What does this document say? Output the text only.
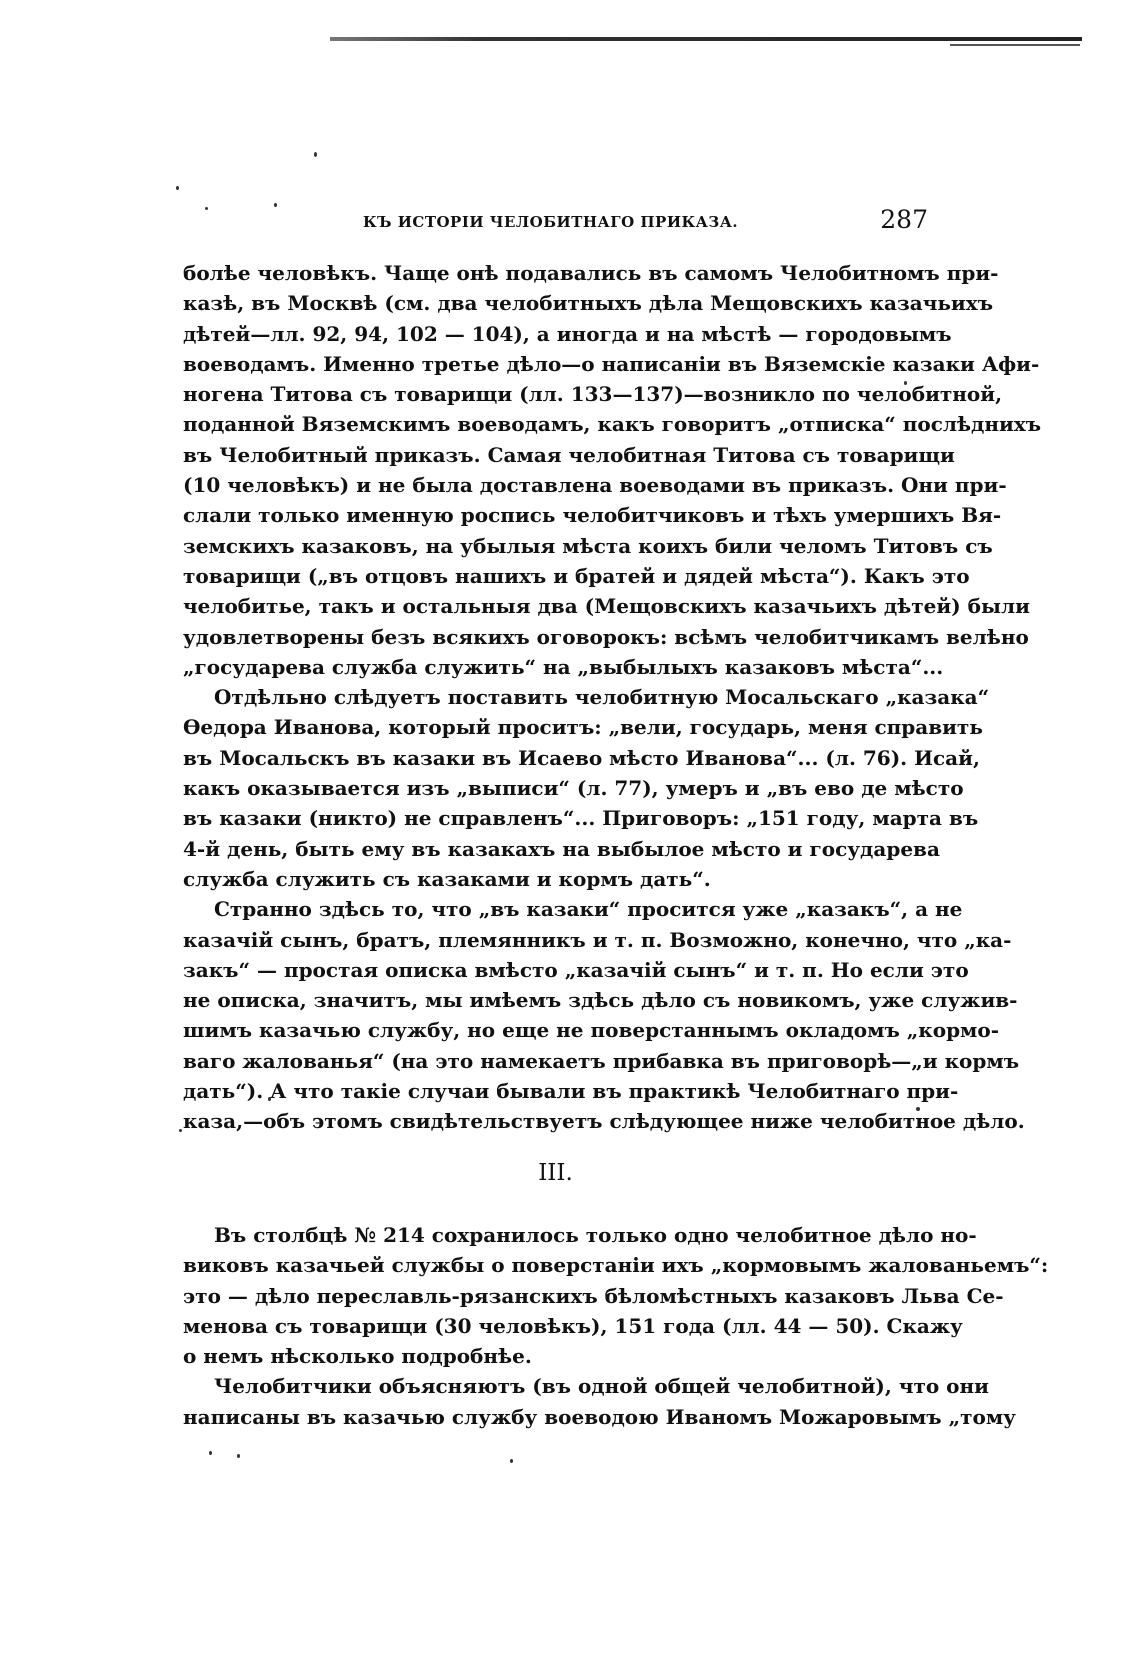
КЪ ИСТОРІИ ЧЕЛОБИТНАГО ПРИКАЗА.	287
болѣе человѣкъ. Чаще онѣ подавались въ самомъ Челобитномъ при-
казѣ, въ Москвѣ (см. два челобитныхъ дѣла Мещовскихъ казачьихъ
дѣтей—лл. 92, 94, 102 — 104), а иногда и на мѣстѣ — городовымъ
воеводамъ. Именно третье дѣло—о написаніи въ Вяземскіе казаки Афи-
ногена Титова съ товарищи (лл. 133—137)—возникло по челобитной,
поданной Вяземскимъ воеводамъ, какъ говоритъ „отписка“ послѣднихъ
въ Челобитный приказъ. Самая челобитная Титова съ товарищи
(10 человѣкъ) и не была доставлена воеводами въ приказъ. Они при-
слали только именную роспись челобитчиковъ и тѣхъ умершихъ Вя-
земскихъ казаковъ, на убылыя мѣста коихъ били челомъ Титовъ съ
товарищи („въ отцовъ нашихъ и братей и дядей мѣста“). Какъ это
челобитье, такъ и остальныя два (Мещовскихъ казачьихъ дѣтей) были
удовлетворены безъ всякихъ оговорокъ: всѣмъ челобитчикамъ велѣно
„государева служба служить“ на „выбылыхъ казаковъ мѣста“...
Отдѣльно слѣдуетъ поставить челобитную Мосальскаго „казака“
Ѳедора Иванова, который проситъ: „вели, государь, меня справить
въ Мосальскъ въ казаки въ Исаево мѣсто Иванова“... (л. 76). Исай,
какъ оказывается изъ „выписи“ (л. 77), умеръ и „въ ево де мѣсто
въ казаки (никто) не справленъ“... Приговоръ: „151 году, марта въ
4-й день, быть ему въ казакахъ на выбылое мѣсто и государева
служба служить съ казаками и кормъ дать“.
Странно здѣсь то, что „въ казаки“ просится уже „казакъ“, а не
казачій сынъ, братъ, племянникъ и т. п. Возможно, конечно, что „ка-
закъ“ — простая описка вмѣсто „казачій сынъ“ и т. п. Но если это
не описка, значитъ, мы имѣемъ здѣсь дѣло съ новикомъ, уже служив-
шимъ казачью службу, но еще не поверстаннымъ окладомъ „кормо-
ваго жалованья“ (на это намекаетъ прибавка въ приговорѣ—„и кормъ
дать“). А что такіе случаи бывали въ практикѣ Челобитнаго при-
каза,—объ этомъ свидѣтельствуетъ слѣдующее ниже челобитное дѣло.
III.
Въ столбцѣ № 214 сохранилось только одно челобитное дѣло но-
виковъ казачьей службы о поверстаніи ихъ „кормовымъ жалованьемъ“:
это — дѣло переславль-рязанскихъ бѣломѣстныхъ казаковъ Льва Се-
менова съ товарищи (30 человѣкъ), 151 года (лл. 44 — 50). Скажу
о немъ нѣсколько подробнѣе.
Челобитчики объясняютъ (въ одной общей челобитной), что они
написаны въ казачью службу воеводою Иваномъ Можаровымъ „тому
